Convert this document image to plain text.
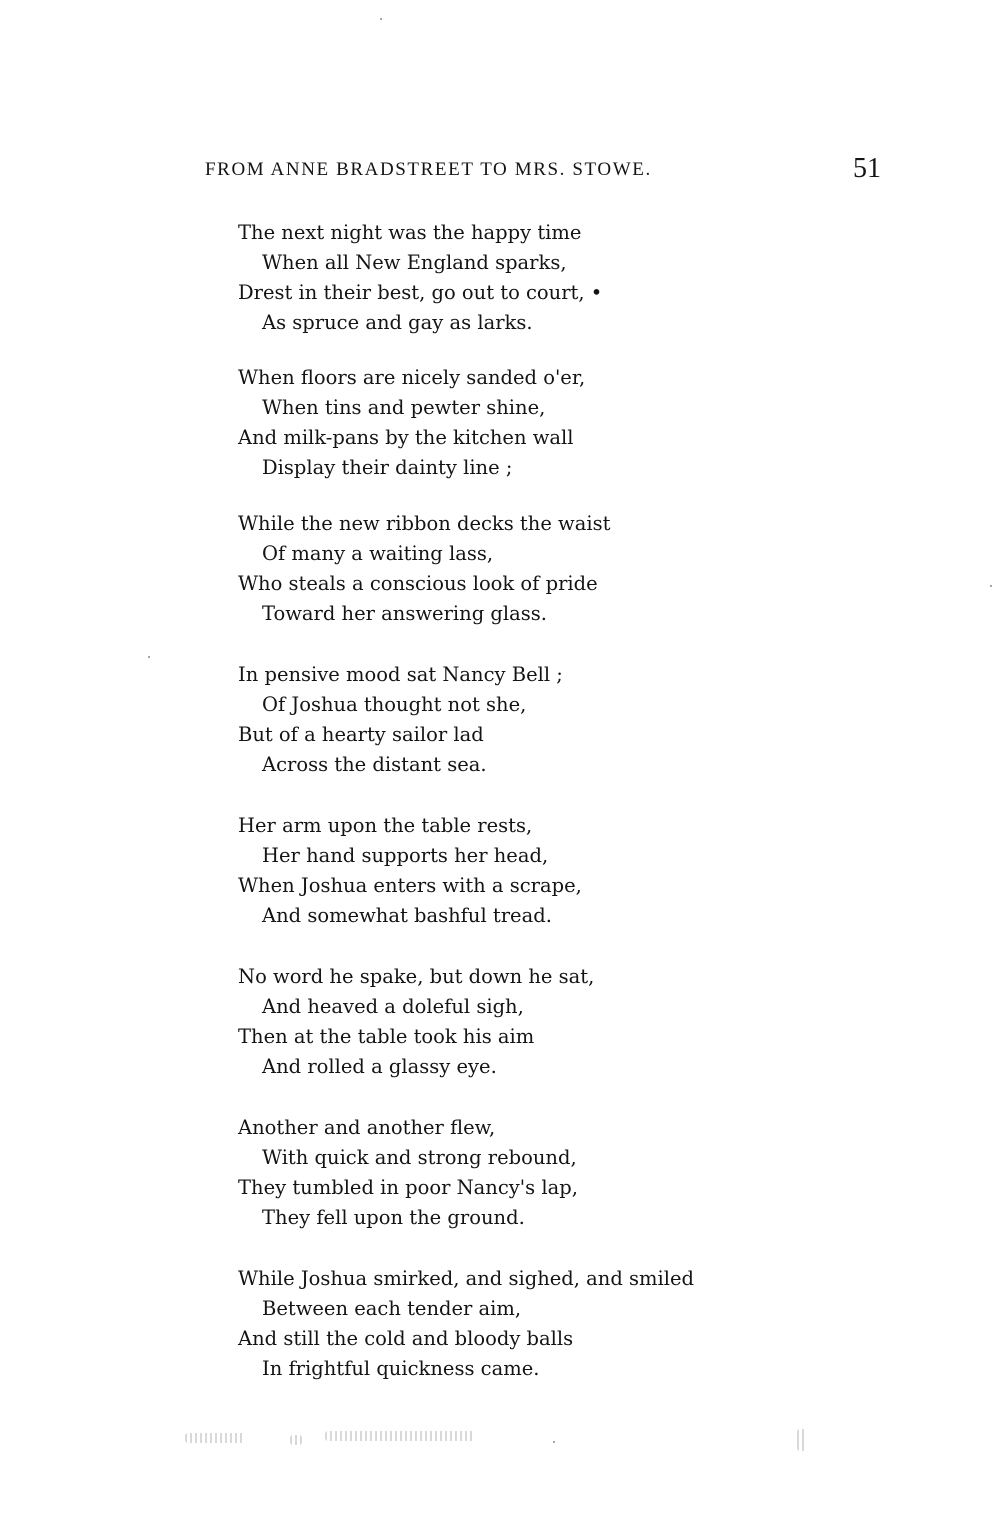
FROM ANNE BRADSTREET TO MRS. STOWE.	51
The next night was the happy time
When all New England sparks,
Drest in their best, go out to court, •
As spruce and gay as larks.
When floors are nicely sanded o'er,
When tins and pewter shine,
And milk-pans by the kitchen wall
Display their dainty line ;
While the new ribbon decks the waist
Of many a waiting lass,
Who steals a conscious look of pride
Toward her answering glass.
In pensive mood sat Nancy Bell ;
Of Joshua thought not she,
But of a hearty sailor lad
Across the distant sea.
Her arm upon the table rests,
Her hand supports her head,
When Joshua enters with a scrape,
And somewhat bashful tread.
No word he spake, but down he sat,
And heaved a doleful sigh,
Then at the table took his aim
And rolled a glassy eye.
Another and another flew,
With quick and strong rebound,
They tumbled in poor Nancy's lap,
They fell upon the ground.
While Joshua smirked, and sighed, and smiled
Between each tender aim,
And still the cold and bloody balls
In frightful quickness came.
